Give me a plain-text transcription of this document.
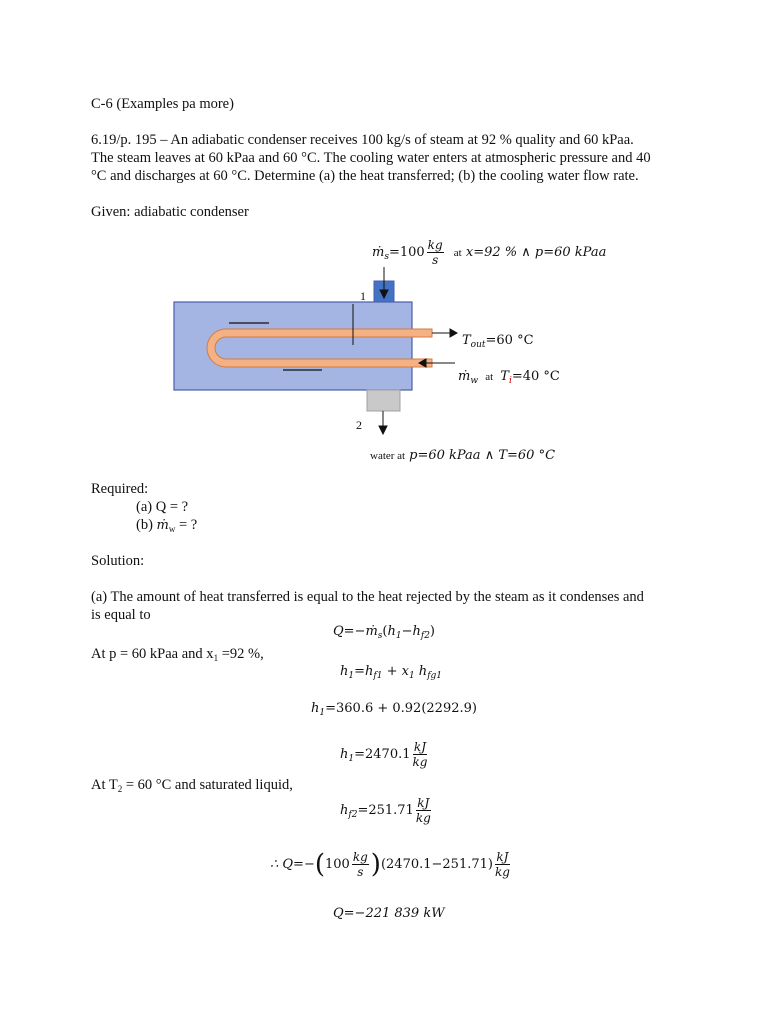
C-6 (Examples pa more)
6.19/p. 195 – An adiabatic condenser receives 100 kg/s of steam at 92 % quality and 60 kPaa.
The steam leaves at 60 kPaa and 60 °C. The cooling water enters at atmospheric pressure and 40
°C and discharges at 60 °C. Determine (a) the heat transferred; (b) the cooling water flow rate.
Given: adiabatic condenser
ṁ$_s$=100 $\frac{kg}{s}$ at x=92 % ∧ p=60 kPaa
1
2
$T_{out}=60$ °C
ṁ$_w$ at $T_i=40$ °C
water at p=60 kPaa ∧ T=60 °C
Required:
(a) Q = ?
(b) ṁ$_w$ = ?
Solution:
(a) The amount of heat transferred is equal to the heat rejected by the steam as it condenses and
is equal to
$Q=-ṁ_s(h_1-h_{f2})$
At p = 60 kPaa and $x_1 =92$ %,
$h_1=h_{f1} + x_1$ $h_{fg1}$
$h_1=360.6 + 0.92(2292.9)$
$h_1=2470.1 \frac{kJ}{kg}$
At $T_2 = 60$ °C and saturated liquid,
$h_{f2}=251.71 \frac{kJ}{kg}$
∴ $Q=-(100 \frac{kg}{s} )(2470.1-251.71) \frac{kJ}{kg}$
Q=−221 839 kW
